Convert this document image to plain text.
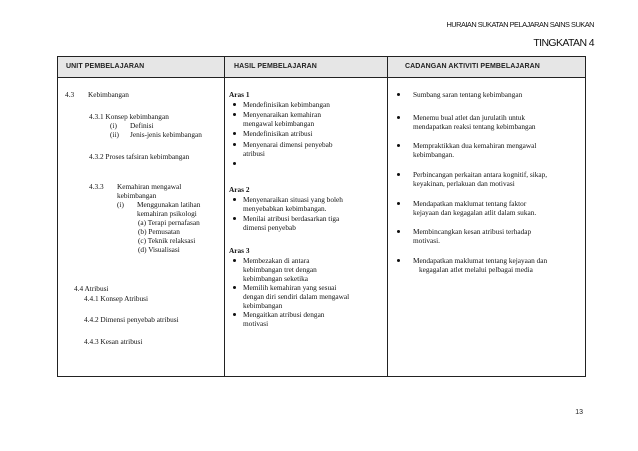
HURAIAN SUKATAN PELAJARAN SAINS SUKAN
TINGKATAN 4
UNIT PEMBELAJARAN	HASIL PEMBELAJARAN	CADANGAN AKTIVITI PEMBELAJARAN
4.3 Kebimbangan
4.3.1 Konsep kebimbangan
(i) Definisi
(ii) Jenis-jenis kebimbangan
4.3.2 Proses tafsiran kebimbangan
4.3.3 Kemahiran mengawal
kebimbangan
(i) Menggunakan latihan
kemahiran psikologi
(a) Terapi pernafasan
(b) Pemusatan
(c) Teknik relaksasi
(d) Visualisasi
4.4 Atribusi
4.4.1 Konsep Atribusi
4.4.2 Dimensi penyebab atribusi
4.4.3 Kesan atribusi
Aras 1
Mendefinisikan kebimbangan
Menyenaraikan kemahiran
mengawal kebimbangan
Mendefinisikan atribusi
Menyenarai dimensi penyebab
atribusi
Aras 2
Menyenaraikan situasi yang boleh
menyebabkan kebimbangan.
Menilai atribusi berdasarkan tiga
dimensi penyebab
Aras 3
Membezakan di antara
kebimbangan tret dengan
kebimbangan seketika
Memilih kemahiran yang sesuai
dengan diri sendiri dalam mengawal
kebimbangan
Mengaitkan atribusi dengan
motivasi
Sumbang saran tentang kebimbangan
Menemu bual atlet dan jurulatih untuk
mendapatkan reaksi tentang kebimbangan
Mempraktikkan dua kemahiran mengawal
kebimbangan.
Perbincangan perkaitan antara kognitif, sikap,
keyakinan, perlakuan dan motivasi
Mendapatkan maklumat tentang faktor
kejayaan dan kegagalan atlit dalam sukan.
Membincangkan kesan atribusi terhadap
motivasi.
Mendapatkan maklumat tentang kejayaan dan
kegagalan atlet melalui pelbagai media
13
